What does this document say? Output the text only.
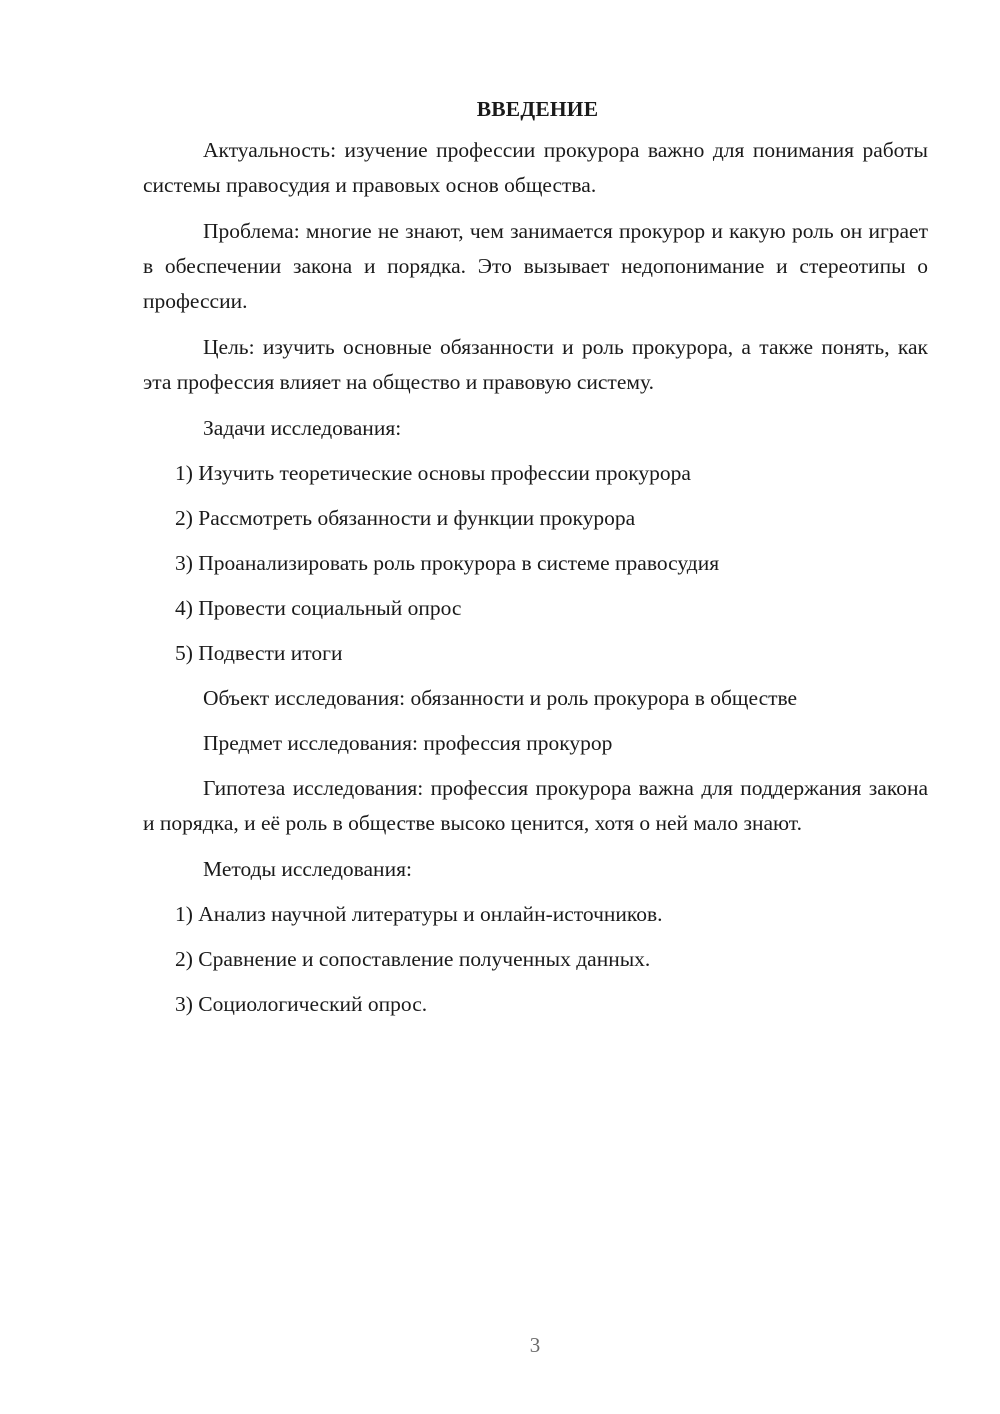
ВВЕДЕНИЕ

Актуальность: изучение профессии прокурора важно для понимания работы системы правосудия и правовых основ общества.

Проблема: многие не знают, чем занимается прокурор и какую роль он играет в обеспечении закона и порядка. Это вызывает недопонимание и стереотипы о профессии.

Цель: изучить основные обязанности и роль прокурора, а также понять, как эта профессия влияет на общество и правовую систему.

Задачи исследования:
1) Изучить теоретические основы профессии прокурора
2) Рассмотреть обязанности и функции прокурора
3) Проанализировать роль прокурора в системе правосудия
4) Провести социальный опрос
5) Подвести итоги
Объект исследования: обязанности и роль прокурора в обществе
Предмет исследования: профессия прокурор

Гипотеза исследования: профессия прокурора важна для поддержания закона и порядка, и её роль в обществе высоко ценится, хотя о ней мало знают.

Методы исследования:
1) Анализ научной литературы и онлайн-источников.
2) Сравнение и сопоставление полученных данных.
3) Социологический опрос.
3
